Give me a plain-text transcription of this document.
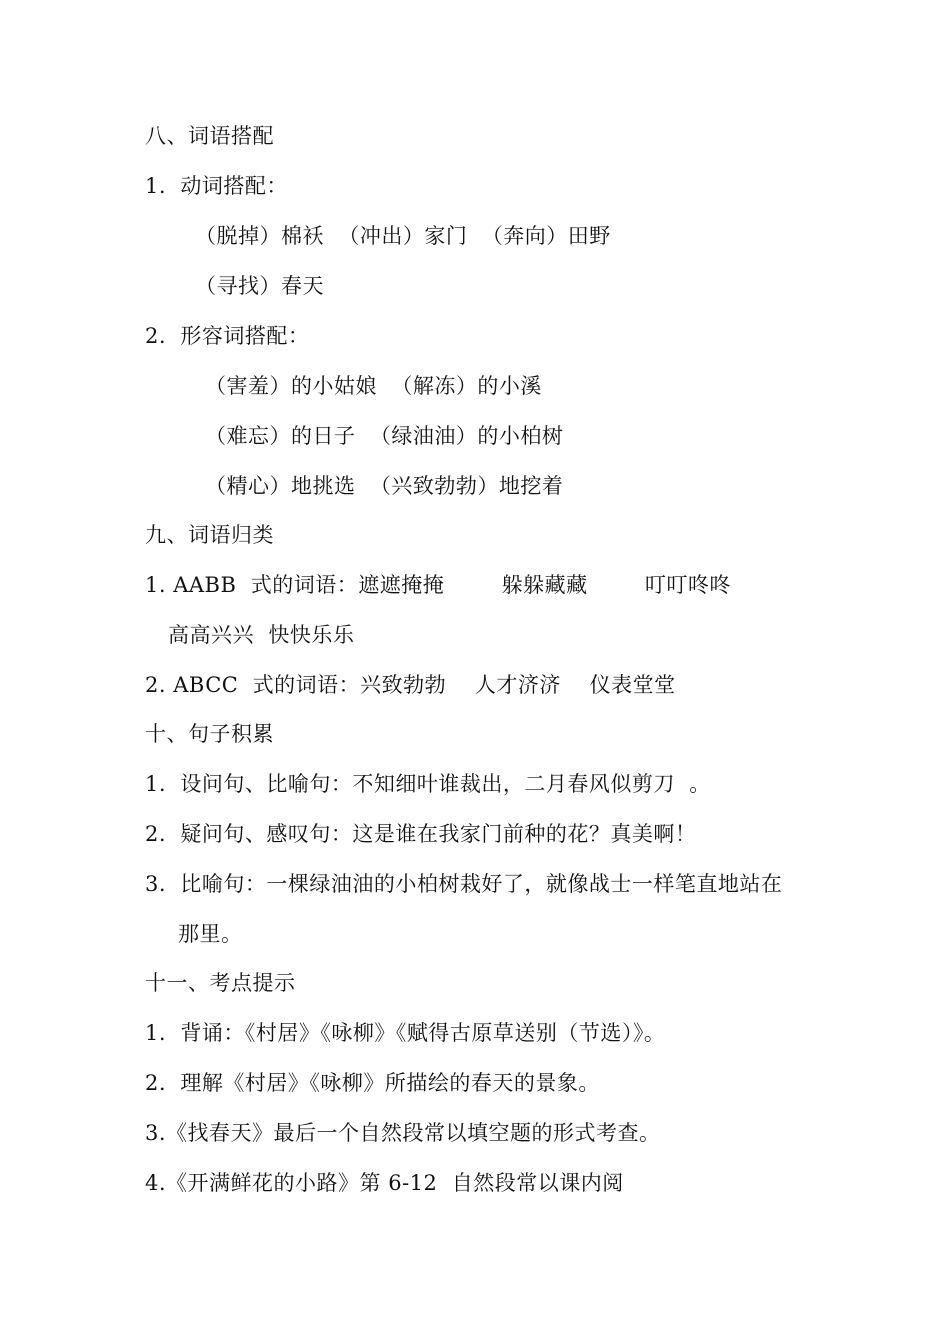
八、词语搭配
1.  动词搭配：
（脱掉）棉袄  （冲出）家门  （奔向）田野
（寻找）春天
2.  形容词搭配：
（害羞）的小姑娘  （解冻）的小溪
（难忘）的日子  （绿油油）的小柏树
（精心）地挑选  （兴致勃勃）地挖着
九、词语归类
1. AABB  式的词语：遮遮掩掩        躲躲藏藏        叮叮咚咚
高高兴兴  快快乐乐
2. ABCC  式的词语：兴致勃勃    人才济济    仪表堂堂
十、句子积累
1.  设问句、比喻句：不知细叶谁裁出，二月春风似剪刀  。
2.  疑问句、感叹句：这是谁在我家门前种的花？真美啊！
3.  比喻句：一棵绿油油的小柏树栽好了，就像战士一样笔直地站在
那里。
十一、考点提示
1.  背诵：《村居》《咏柳》《赋得古原草送别（节选）》。
2.  理解《村居》《咏柳》所描绘的春天的景象。
3.《找春天》最后一个自然段常以填空题的形式考查。
4.《开满鲜花的小路》第 6-12  自然段常以课内阅
